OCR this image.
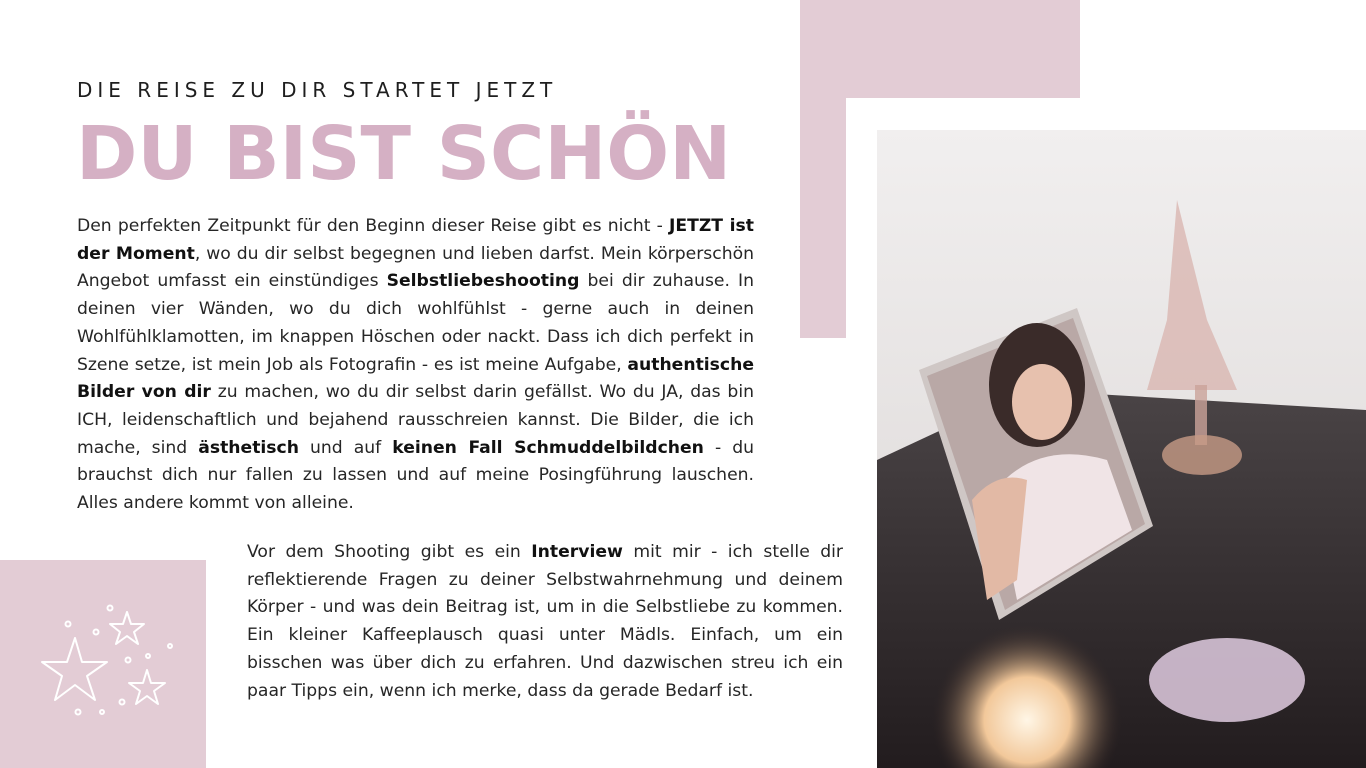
DIE REISE ZU DIR STARTET JETZT
DU BIST SCHÖN

Den perfekten Zeitpunkt für den Beginn dieser Reise gibt es nicht - JETZT ist der Moment, wo du dir selbst begegnen und lieben darfst. Mein körperschön Angebot umfasst ein einstündiges Selbstliebeshooting bei dir zuhause. In deinen vier Wänden, wo du dich wohlfühlst - gerne auch in deinen Wohlfühlklamotten, im knappen Höschen oder nackt. Dass ich dich perfekt in Szene setze, ist mein Job als Fotografin - es ist meine Aufgabe, authentische Bilder von dir zu machen, wo du dir selbst darin gefällst. Wo du JA, das bin ICH, leidenschaftlich und bejahend rausschreien kannst. Die Bilder, die ich mache, sind ästhetisch und auf keinen Fall Schmuddelbildchen - du brauchst dich nur fallen zu lassen und auf meine Posingführung lauschen. Alles andere kommt von alleine.

Vor dem Shooting gibt es ein Interview mit mir - ich stelle dir reflektierende Fragen zu deiner Selbstwahrnehmung und deinem Körper - und was dein Beitrag ist, um in die Selbstliebe zu kommen. Ein kleiner Kaffeeplausch quasi unter Mädls. Einfach, um ein bisschen was über dich zu erfahren. Und dazwischen streu ich ein paar Tipps ein, wenn ich merke, dass da gerade Bedarf ist.
